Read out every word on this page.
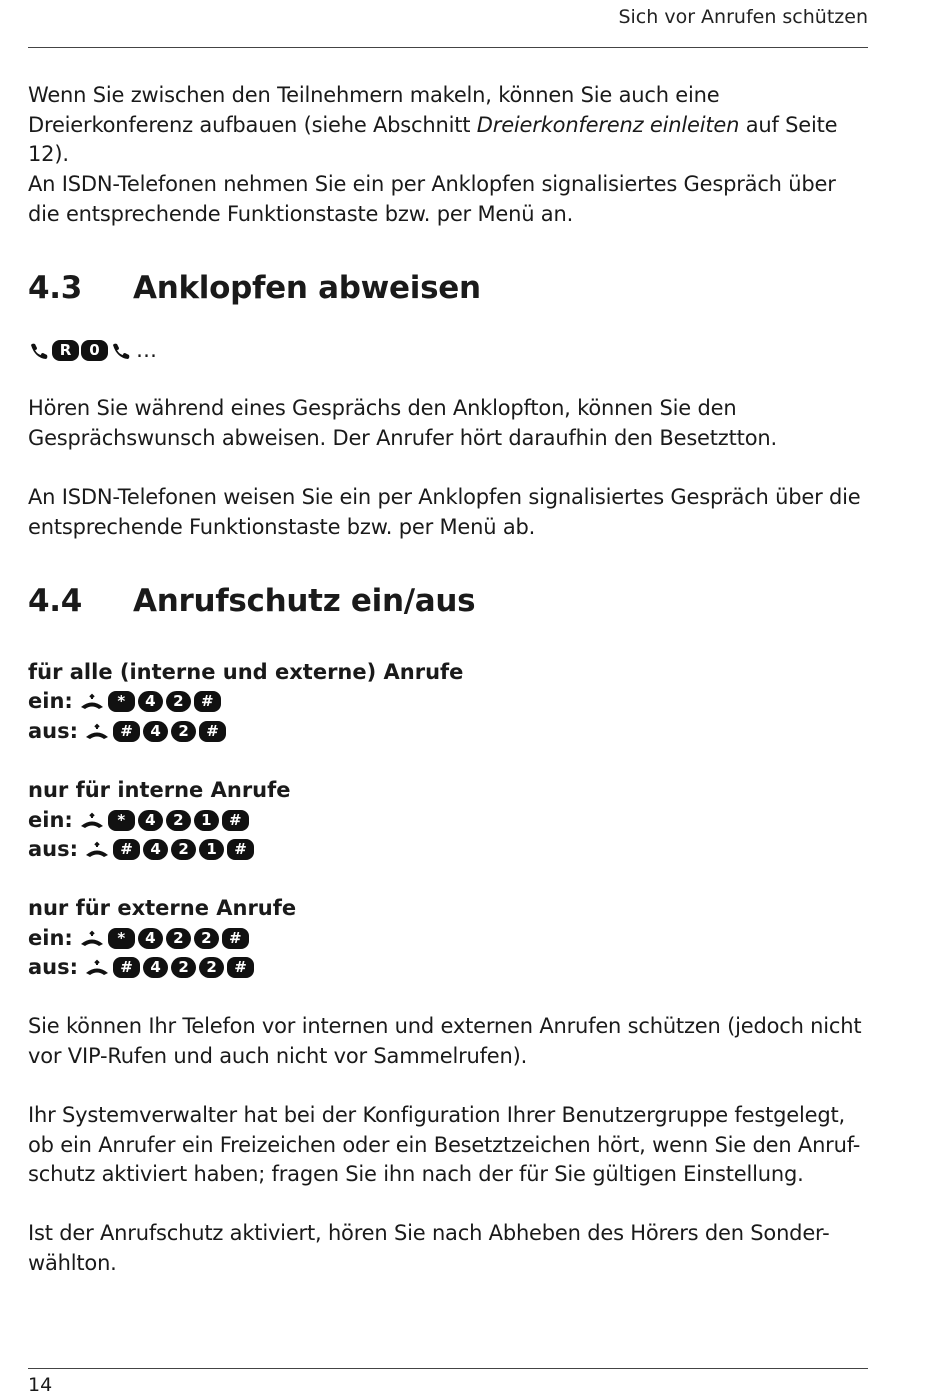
Sich vor Anrufen schützen

Wenn Sie zwischen den Teilnehmern makeln, können Sie auch eine Dreierkonferenz aufbauen (siehe Abschnitt Dreierkonferenz einleiten auf Seite 12).

An ISDN-Telefonen nehmen Sie ein per Anklopfen signalisiertes Gespräch über die entsprechende Funktionstaste bzw. per Menü an.

4.3 Anklopfen abweisen
R	0	…

Hören Sie während eines Gesprächs den Anklopfton, können Sie den Gesprächswunsch abweisen. Der Anrufer hört daraufhin den Besetztton.

An ISDN-Telefonen weisen Sie ein per Anklopfen signalisiertes Gespräch über die entsprechende Funktionstaste bzw. per Menü ab.

4.4 Anrufschutz ein/aus
für alle (interne und externe) Anrufe
ein:	*	4	2	#
aus:	#	4	2	#
nur für interne Anrufe
ein:	*	4	2	1	#
aus:	#	4	2	1	#
nur für externe Anrufe
ein:	*	4	2	2	#
aus:	#	4	2	2	#

Sie können Ihr Telefon vor internen und externen Anrufen schützen (jedoch nicht vor VIP-Rufen und auch nicht vor Sammelrufen).

Ihr Systemverwalter hat bei der Konfiguration Ihrer Benutzergruppe festgelegt, ob ein Anrufer ein Freizeichen oder ein Besetztzeichen hört, wenn Sie den Anruf-schutz aktiviert haben; fragen Sie ihn nach der für Sie gültigen Einstellung.

Ist der Anrufschutz aktiviert, hören Sie nach Abheben des Hörers den Sonder-wählton.

14
